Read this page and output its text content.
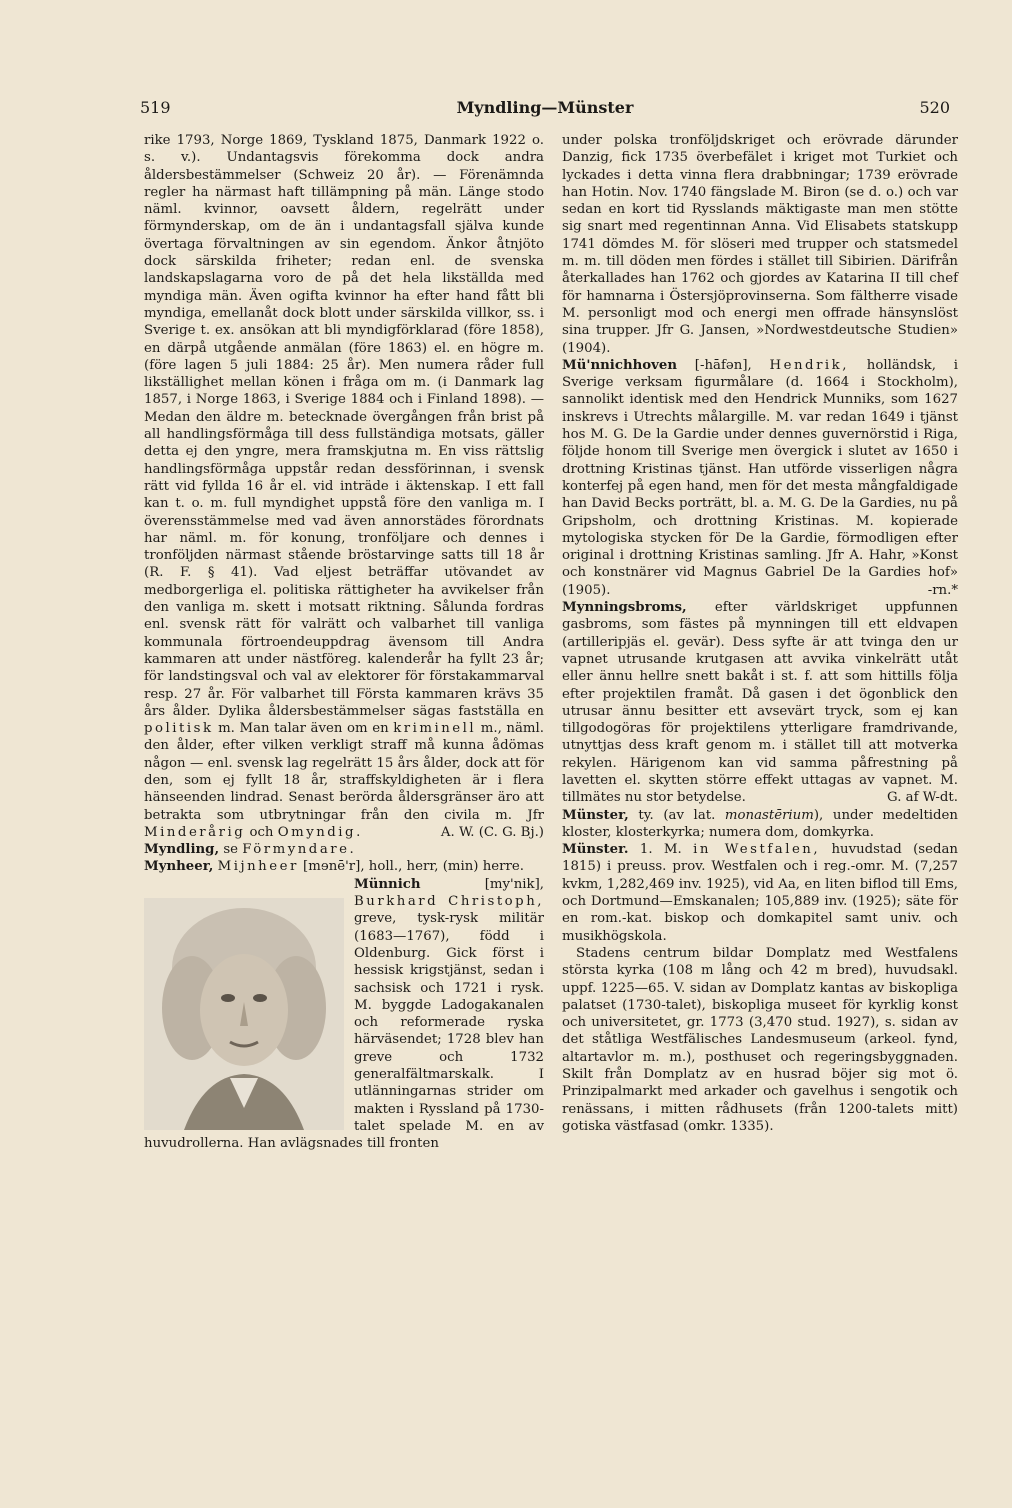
519	Myndling—Münster	520

rike 1793, Norge 1869, Tyskland 1875, Danmark 1922 o. s. v.). Undantagsvis förekomma dock andra åldersbestämmelser (Schweiz 20 år). — Förenämnda regler ha närmast haft tillämpning på män. Länge stodo näml. kvinnor, oavsett åldern, regelrätt under förmynderskap, om de än i undantagsfall själva kunde övertaga förvaltningen av sin egendom. Änkor åtnjöto dock särskilda friheter; redan enl. de svenska landskapslagarna voro de på det hela likställda med myndiga män. Även ogifta kvinnor ha efter hand fått bli myndiga, emellanåt dock blott under särskilda villkor, ss. i Sverige t. ex. ansökan att bli myndigförklarad (före 1858), en därpå utgående anmälan (före 1863) el. en högre m. (före lagen 5 juli 1884: 25 år). Men numera råder full likställighet mellan könen i fråga om m. (i Danmark lag 1857, i Norge 1863, i Sverige 1884 och i Finland 1898). — Medan den äldre m. betecknade övergången från brist på all handlingsförmåga till dess fullständiga motsats, gäller detta ej den yngre, mera framskjutna m. En viss rättslig handlingsförmåga uppstår redan dessförinnan, i svensk rätt vid fyllda 16 år el. vid inträde i äktenskap. I ett fall kan t. o. m. full myndighet uppstå före den vanliga m. I överensstämmelse med vad även annorstädes förordnats har näml. m. för konung, tronföljare och dennes i tronföljden närmast stående bröstarvinge satts till 18 år (R. F. § 41). Vad eljest beträffar utövandet av medborgerliga el. politiska rättigheter ha avvikelser från den vanliga m. skett i motsatt riktning. Sålunda fordras enl. svensk rätt för valrätt och valbarhet till vanliga kommunala förtroendeuppdrag ävensom till Andra kammaren att under nästföreg. kalenderår ha fyllt 23 år; för landstingsval och val av elektorer för förstakammarval resp. 27 år. För valbarhet till Första kammaren krävs 35 års ålder. Dylika åldersbestämmelser sägas fastställa en politisk m. Man talar även om en kriminell m., näml. den ålder, efter vilken verkligt straff må kunna ådömas någon — enl. svensk lag regelrätt 15 års ålder, dock att för den, som ej fyllt 18 år, straffskyldigheten är i flera hänseenden lindrad. Senast berörda åldersgränser äro att betrakta som utbrytningar från den civila m. Jfr Minderårig och Omyndig.	A. W. (C. G. Bj.)

Myndling, se Förmyndare.

Mynheer, Mijnheer [mɘnē'r], holl., herr, (min) herre.

Münnich [my'nik], Burkhard Christoph, greve, tysk-rysk militär (1683—1767), född i Oldenburg. Gick först i hessisk krigstjänst, sedan i sachsisk och 1721 i rysk. M. byggde Ladogakanalen och reformerade ryska härväsendet; 1728 blev han greve och 1732 generalfältmarskalk. I utlänningarnas strider om makten i Ryssland på 1730-talet spelade M. en av huvudrollerna. Han avlägsnades till fronten

under polska tronföljdskriget och erövrade därunder Danzig, fick 1735 överbefälet i kriget mot Turkiet och lyckades i detta vinna flera drabbningar; 1739 erövrade han Hotin. Nov. 1740 fängslade M. Biron (se d. o.) och var sedan en kort tid Rysslands mäktigaste man men stötte sig snart med regentinnan Anna. Vid Elisabets statskupp 1741 dömdes M. för slöseri med trupper och statsmedel m. m. till döden men fördes i stället till Sibirien. Därifrån återkallades han 1762 och gjordes av Katarina II till chef för hamnarna i Östersjöprovinserna. Som fältherre visade M. personligt mod och energi men offrade hänsynslöst sina trupper. Jfr G. Jansen, »Nordwestdeutsche Studien» (1904).

Mü'nnichhoven [-hāfən], Hendrik, holländsk, i Sverige verksam figurmålare (d. 1664 i Stockholm), sannolikt identisk med den Hendrick Munniks, som 1627 inskrevs i Utrechts målargille. M. var redan 1649 i tjänst hos M. G. De la Gardie under dennes guvernörstid i Riga, följde honom till Sverige men övergick i slutet av 1650 i drottning Kristinas tjänst. Han utförde visserligen några konterfej på egen hand, men för det mesta mångfaldigade han David Becks porträtt, bl. a. M. G. De la Gardies, nu på Gripsholm, och drottning Kristinas. M. kopierade mytologiska stycken för De la Gardie, förmodligen efter original i drottning Kristinas samling. Jfr A. Hahr, »Konst och konstnärer vid Magnus Gabriel De la Gardies hof» (1905).	-rn.*

Mynningsbroms, efter världskriget uppfunnen gasbroms, som fästes på mynningen till ett eldvapen (artilleripjäs el. gevär). Dess syfte är att tvinga den ur vapnet utrusande krutgasen att avvika vinkelrätt utåt eller ännu hellre snett bakåt i st. f. att som hittills följa efter projektilen framåt. Då gasen i det ögonblick den utrusar ännu besitter ett avsevärt tryck, som ej kan tillgodogöras för projektilens ytterligare framdrivande, utnyttjas dess kraft genom m. i stället till att motverka rekylen. Härigenom kan vid samma påfrestning på lavetten el. skytten större effekt uttagas av vapnet. M. tillmätes nu stor betydelse.	G. af W-dt.

Münster, ty. (av lat. monastērium), under medeltiden kloster, klosterkyrka; numera dom, domkyrka.

Münster. 1. M. in Westfalen, huvudstad (sedan 1815) i preuss. prov. Westfalen och i reg.-omr. M. (7,257 kvkm, 1,282,469 inv. 1925), vid Aa, en liten biflod till Ems, och Dortmund—Emskanalen; 105,889 inv. (1925); säte för en rom.-kat. biskop och domkapitel samt univ. och musikhögskola.

Stadens centrum bildar Domplatz med Westfalens största kyrka (108 m lång och 42 m bred), huvudsakl. uppf. 1225—65. V. sidan av Domplatz kantas av biskopliga palatset (1730-talet), biskopliga museet för kyrklig konst och universitetet, gr. 1773 (3,470 stud. 1927), s. sidan av det ståtliga Westfälisches Landesmuseum (arkeol. fynd, altartavlor m. m.), posthuset och regeringsbyggnaden. Skilt från Domplatz av en husrad böjer sig mot ö. Prinzipalmarkt med arkader och gavelhus i sengotik och renässans, i mitten rådhusets (från 1200-talets mitt) gotiska västfasad (omkr. 1335).
